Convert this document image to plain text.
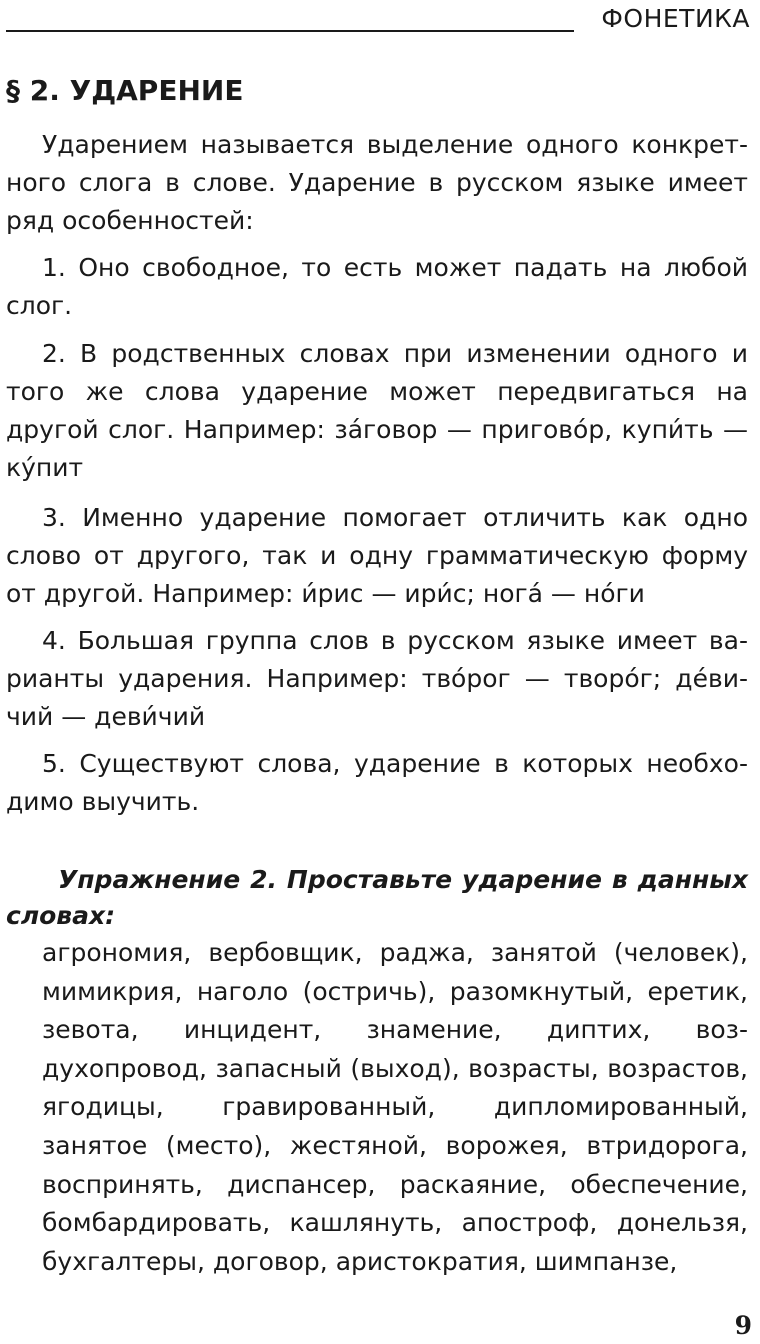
ФОНЕТИКА
§ 2. УДАРЕНИЕ
Ударением называется выделение одного конкретного слога в слове. Ударение в русском языке имеет ряд особенностей:
1. Оно свободное, то есть может падать на любой слог.
2. В родственных словах при изменении одного и того же слова ударение может передвигаться на другой слог. Например: за́говор — пригово́р, купи́ть — ку́пит
3. Именно ударение помогает отличить как одно слово от другого, так и одну грамматическую форму от другой. Например: и́рис — ири́с; нога́ — но́ги
4. Большая группа слов в русском языке имеет варианты ударения. Например: тво́рог — творо́г; де́вичий — деви́чий
5. Существуют слова, ударение в которых необходимо выучить.
Упражнение 2. Проставьте ударение в данных словах:

агрономия, вербовщик, раджа, занятой (человек), мимикрия, наголо (остричь), разомкнутый, еретик, зевота, инцидент, знамение, диптих, воздухопровод, запасный (выход), возрасты, возрастов, ягодицы, гравированный, дипломированный, занятое (место), жестяной, ворожея, втридорога, воспринять, диспансер, раскаяние, обеспечение, бомбардировать, кашлянуть, апостроф, донельзя, бухгалтеры, договор, аристократия, шимпанзе,

9
